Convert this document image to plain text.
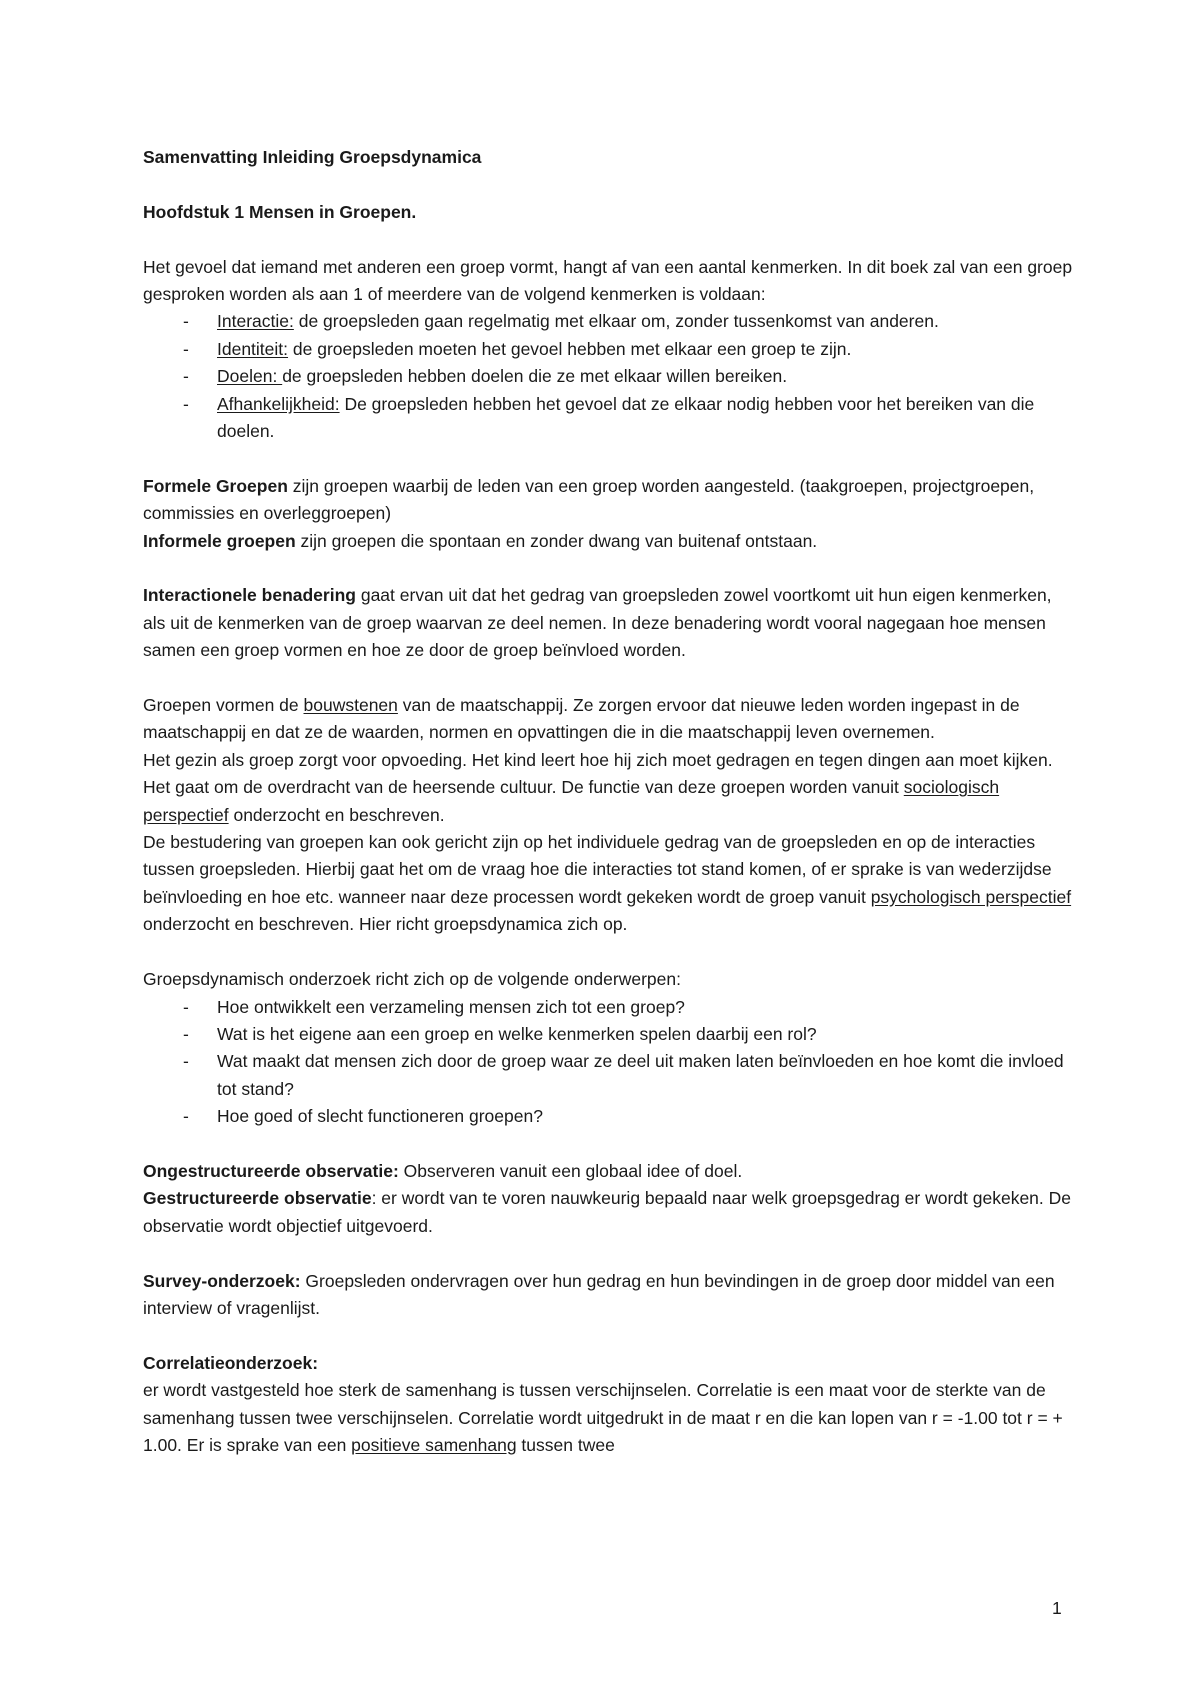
Samenvatting Inleiding Groepsdynamica

Hoofdstuk 1 Mensen in Groepen.

Het gevoel dat iemand met anderen een groep vormt, hangt af van een aantal kenmerken. In dit boek zal van een groep gesproken worden als aan 1 of meerdere van de volgend kenmerken is voldaan:

- Interactie: de groepsleden gaan regelmatig met elkaar om, zonder tussenkomst van anderen.
- Identiteit: de groepsleden moeten het gevoel hebben met elkaar een groep te zijn.
- Doelen: de groepsleden hebben doelen die ze met elkaar willen bereiken.
- Afhankelijkheid: De groepsleden hebben het gevoel dat ze elkaar nodig hebben voor het bereiken van die doelen.

Formele Groepen zijn groepen waarbij de leden van een groep worden aangesteld. (taakgroepen, projectgroepen, commissies en overleggroepen)

Informele groepen zijn groepen die spontaan en zonder dwang van buitenaf ontstaan.

Interactionele benadering gaat ervan uit dat het gedrag van groepsleden zowel voortkomt uit hun eigen kenmerken, als uit de kenmerken van de groep waarvan ze deel nemen. In deze benadering wordt vooral nagegaan hoe mensen samen een groep vormen en hoe ze door de groep beïnvloed worden.

Groepen vormen de bouwstenen van de maatschappij. Ze zorgen ervoor dat nieuwe leden worden ingepast in de maatschappij en dat ze de waarden, normen en opvattingen die in die maatschappij leven overnemen.

Het gezin als groep zorgt voor opvoeding. Het kind leert hoe hij zich moet gedragen en tegen dingen aan moet kijken. Het gaat om de overdracht van de heersende cultuur. De functie van deze groepen worden vanuit sociologisch perspectief onderzocht en beschreven.

De bestudering van groepen kan ook gericht zijn op het individuele gedrag van de groepsleden en op de interacties tussen groepsleden. Hierbij gaat het om de vraag hoe die interacties tot stand komen, of er sprake is van wederzijdse beïnvloeding en hoe etc. wanneer naar deze processen wordt gekeken wordt de groep vanuit psychologisch perspectief onderzocht en beschreven. Hier richt groepsdynamica zich op.

Groepsdynamisch onderzoek richt zich op de volgende onderwerpen:

- Hoe ontwikkelt een verzameling mensen zich tot een groep?
- Wat is het eigene aan een groep en welke kenmerken spelen daarbij een rol?
- Wat maakt dat mensen zich door de groep waar ze deel uit maken laten beïnvloeden en hoe komt die invloed tot stand?
- Hoe goed of slecht functioneren groepen?

Ongestructureerde observatie: Observeren vanuit een globaal idee of doel.

Gestructureerde observatie: er wordt van te voren nauwkeurig bepaald naar welk groepsgedrag er wordt gekeken. De observatie wordt objectief uitgevoerd.

Survey-onderzoek: Groepsleden ondervragen over hun gedrag en hun bevindingen in de groep door middel van een interview of vragenlijst.

Correlatieonderzoek:

er wordt vastgesteld hoe sterk de samenhang is tussen verschijnselen. Correlatie is een maat voor de sterkte van de samenhang tussen twee verschijnselen. Correlatie wordt uitgedrukt in de maat r en die kan lopen van r = -1.00 tot r = + 1.00. Er is sprake van een positieve samenhang tussen twee

1
